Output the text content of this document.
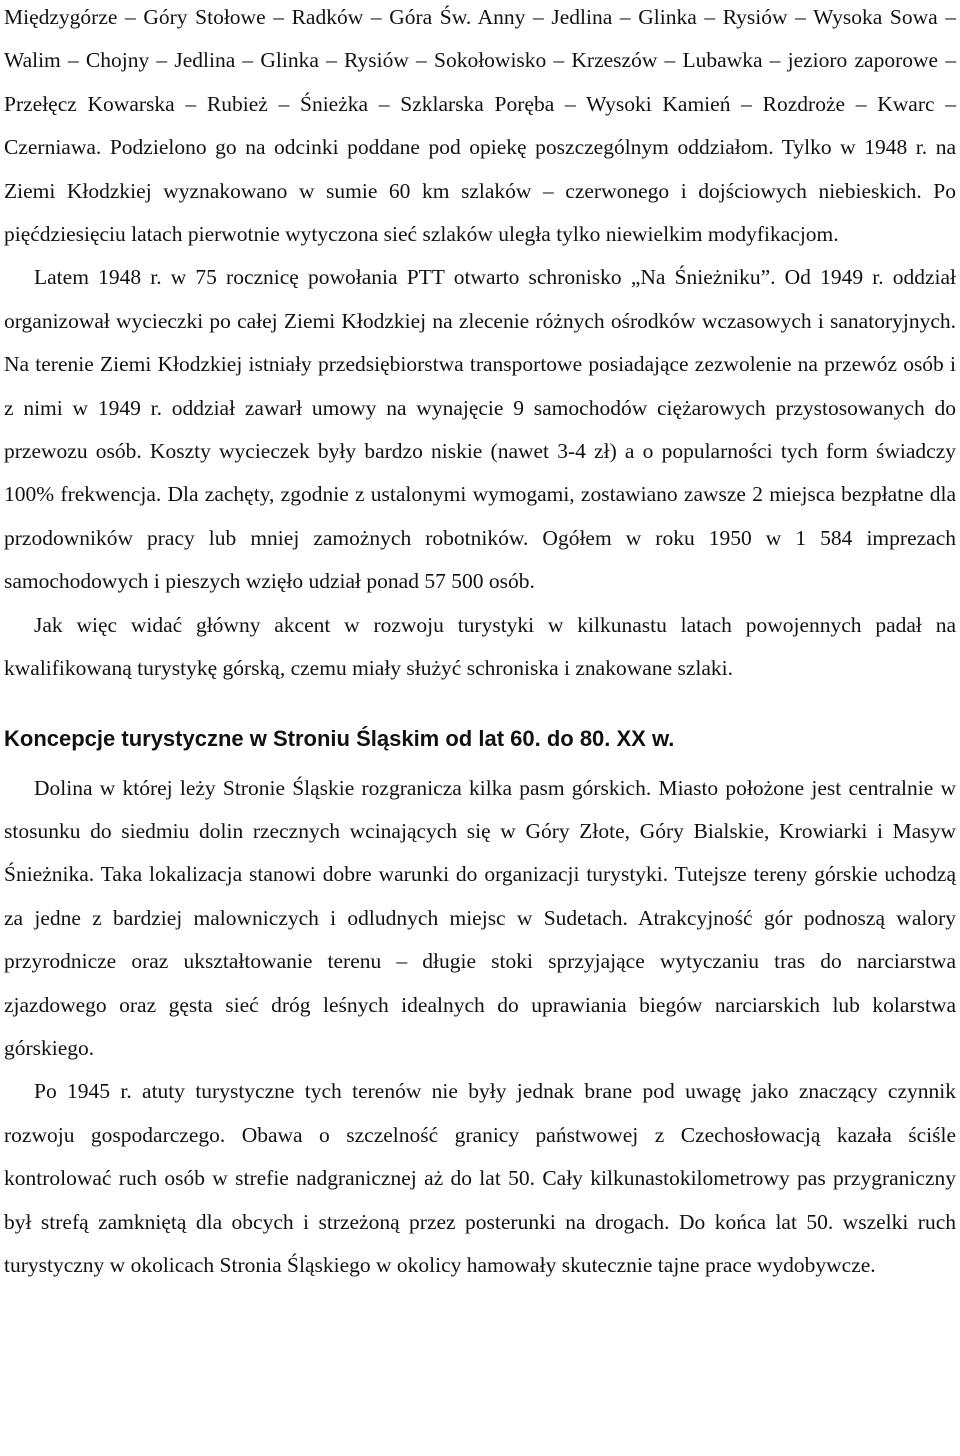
Międzygórze – Góry Stołowe – Radków – Góra Św. Anny – Jedlina – Glinka – Rysiów – Wysoka Sowa – Walim – Chojny – Jedlina – Glinka – Rysiów – Sokołowisko – Krzeszów – Lubawka – jezioro zaporowe – Przełęcz Kowarska – Rubież – Śnieżka – Szklarska Poręba – Wysoki Kamień – Rozdroże – Kwarc – Czerniawa. Podzielono go na odcinki poddane pod opiekę poszczególnym oddziałom. Tylko w 1948 r. na Ziemi Kłodzkiej wyznakowano w sumie 60 km szlaków – czerwonego i dojściowych niebieskich. Po pięćdziesięciu latach pierwotnie wytyczona sieć szlaków uległa tylko niewielkim modyfikacjom.

Latem 1948 r. w 75 rocznicę powołania PTT otwarto schronisko „Na Śnieżniku”. Od 1949 r. oddział organizował wycieczki po całej Ziemi Kłodzkiej na zlecenie różnych ośrodków wczasowych i sanatoryjnych. Na terenie Ziemi Kłodzkiej istniały przedsiębiorstwa transportowe posiadające zezwolenie na przewóz osób i z nimi w 1949 r. oddział zawarł umowy na wynajęcie 9 samochodów ciężarowych przystosowanych do przewozu osób. Koszty wycieczek były bardzo niskie (nawet 3-4 zł) a o popularności tych form świadczy 100% frekwencja. Dla zachęty, zgodnie z ustalonymi wymogami, zostawiano zawsze 2 miejsca bezpłatne dla przodowników pracy lub mniej zamożnych robotników. Ogółem w roku 1950 w 1 584 imprezach samochodowych i pieszych wzięło udział ponad 57 500 osób.

Jak więc widać główny akcent w rozwoju turystyki w kilkunastu latach powojennych padał na kwalifikowaną turystykę górską, czemu miały służyć schroniska i znakowane szlaki.

Koncepcje turystyczne w Stroniu Śląskim od lat 60. do 80. XX w.

Dolina w której leży Stronie Śląskie rozgranicza kilka pasm górskich. Miasto położone jest centralnie w stosunku do siedmiu dolin rzecznych wcinających się w Góry Złote, Góry Bialskie, Krowiarki i Masyw Śnieżnika. Taka lokalizacja stanowi dobre warunki do organizacji turystyki. Tutejsze tereny górskie uchodzą za jedne z bardziej malowniczych i odludnych miejsc w Sudetach. Atrakcyjność gór podnoszą walory przyrodnicze oraz ukształtowanie terenu – długie stoki sprzyjające wytyczaniu tras do narciarstwa zjazdowego oraz gęsta sieć dróg leśnych idealnych do uprawiania biegów narciarskich lub kolarstwa górskiego.

Po 1945 r. atuty turystyczne tych terenów nie były jednak brane pod uwagę jako znaczący czynnik rozwoju gospodarczego. Obawa o szczelność granicy państwowej z Czechosłowacją kazała ściśle kontrolować ruch osób w strefie nadgranicznej aż do lat 50. Cały kilkunastokilometrowy pas przygraniczny był strefą zamkniętą dla obcych i strzeżoną przez posterunki na drogach. Do końca lat 50. wszelki ruch turystyczny w okolicach Stronia Śląskiego w okolicy hamowały skutecznie tajne prace wydobywcze.
